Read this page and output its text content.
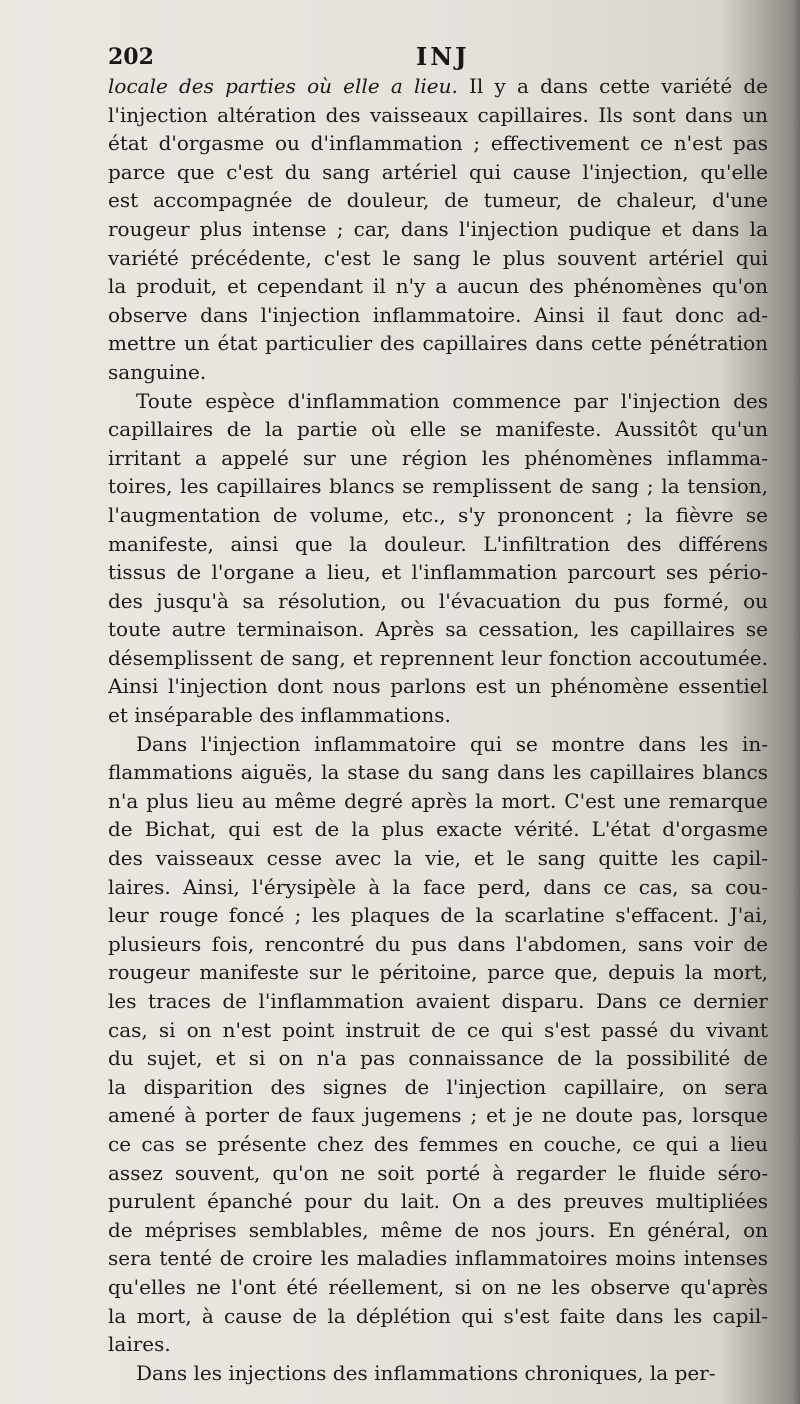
202	INJ
locale des parties où elle a lieu. Il y a dans cette variété de
l'injection altération des vaisseaux capillaires. Ils sont dans un
état d'orgasme ou d'inflammation ; effectivement ce n'est pas
parce que c'est du sang artériel qui cause l'injection, qu'elle
est accompagnée de douleur, de tumeur, de chaleur, d'une
rougeur plus intense ; car, dans l'injection pudique et dans la
variété précédente, c'est le sang le plus souvent artériel qui
la produit, et cependant il n'y a aucun des phénomènes qu'on
observe dans l'injection inflammatoire. Ainsi il faut donc ad-
mettre un état particulier des capillaires dans cette pénétration
sanguine.
Toute espèce d'inflammation commence par l'injection des
capillaires de la partie où elle se manifeste. Aussitôt qu'un
irritant a appelé sur une région les phénomènes inflamma-
toires, les capillaires blancs se remplissent de sang ; la tension,
l'augmentation de volume, etc., s'y prononcent ; la fièvre se
manifeste, ainsi que la douleur. L'infiltration des différens
tissus de l'organe a lieu, et l'inflammation parcourt ses pério-
des jusqu'à sa résolution, ou l'évacuation du pus formé, ou
toute autre terminaison. Après sa cessation, les capillaires se
désemplissent de sang, et reprennent leur fonction accoutumée.
Ainsi l'injection dont nous parlons est un phénomène essentiel
et inséparable des inflammations.
Dans l'injection inflammatoire qui se montre dans les in-
flammations aiguës, la stase du sang dans les capillaires blancs
n'a plus lieu au même degré après la mort. C'est une remarque
de Bichat, qui est de la plus exacte vérité. L'état d'orgasme
des vaisseaux cesse avec la vie, et le sang quitte les capil-
laires. Ainsi, l'érysipèle à la face perd, dans ce cas, sa cou-
leur rouge foncé ; les plaques de la scarlatine s'effacent. J'ai,
plusieurs fois, rencontré du pus dans l'abdomen, sans voir de
rougeur manifeste sur le péritoine, parce que, depuis la mort,
les traces de l'inflammation avaient disparu. Dans ce dernier
cas, si on n'est point instruit de ce qui s'est passé du vivant
du sujet, et si on n'a pas connaissance de la possibilité de
la disparition des signes de l'injection capillaire, on sera
amené à porter de faux jugemens ; et je ne doute pas, lorsque
ce cas se présente chez des femmes en couche, ce qui a lieu
assez souvent, qu'on ne soit porté à regarder le fluide séro-
purulent épanché pour du lait. On a des preuves multipliées
de méprises semblables, même de nos jours. En général, on
sera tenté de croire les maladies inflammatoires moins intenses
qu'elles ne l'ont été réellement, si on ne les observe qu'après
la mort, à cause de la déplétion qui s'est faite dans les capil-
laires.
Dans les injections des inflammations chroniques, la per-
